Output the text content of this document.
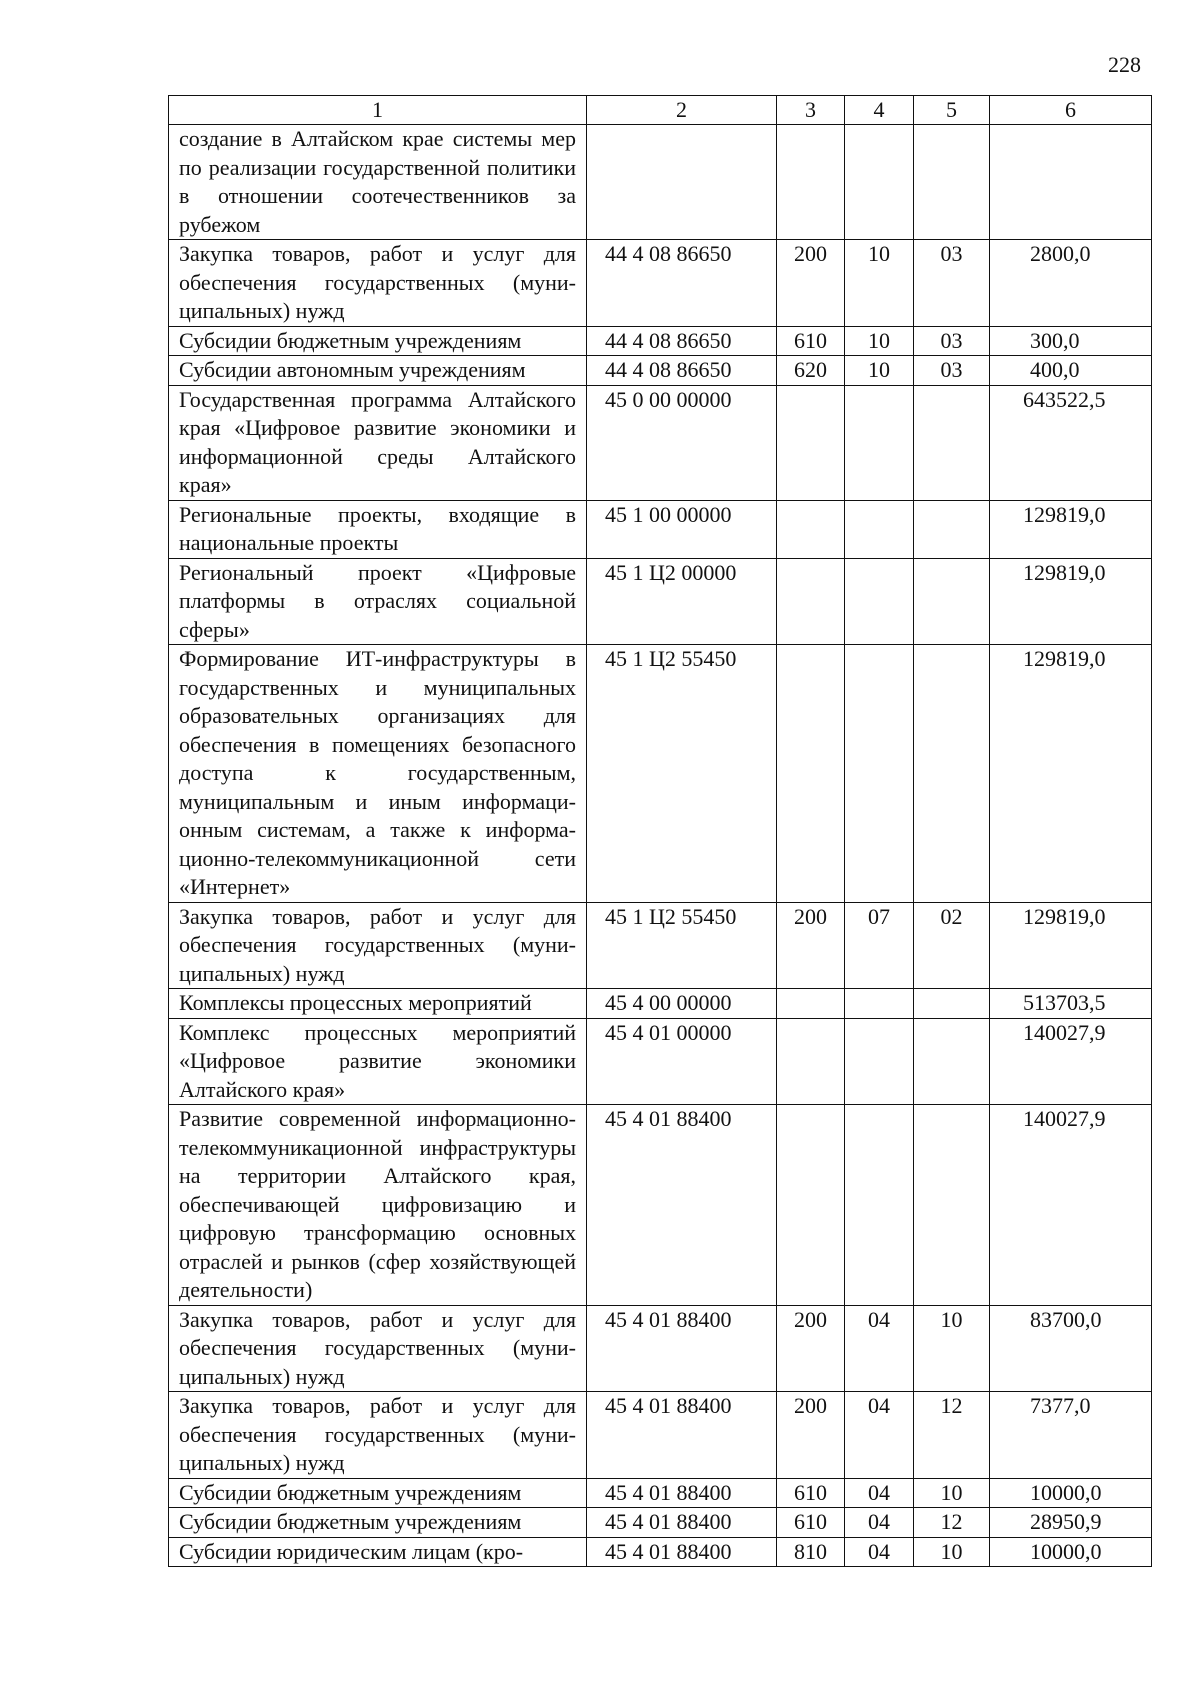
228
1	2	3	4	5	6
создание в Алтайском крае системы мер по реализации государственной политики в отношении соотечественников за рубежом					
Закупка товаров, работ и услуг для обеспечения государственных (муниципальных) нужд	44 4 08 86650	200	10	03	2800,0
Субсидии бюджетным учреждениям	44 4 08 86650	610	10	03	300,0
Субсидии автономным учреждениям	44 4 08 86650	620	10	03	400,0
Государственная программа Алтайского края «Цифровое развитие экономики и информационной среды Алтайского края»	45 0 00 00000				643522,5
Региональные проекты, входящие в национальные проекты	45 1 00 00000				129819,0
Региональный проект «Цифровые платформы в отраслях социальной сферы»	45 1 Ц2 00000				129819,0
Формирование ИТ-инфраструктуры в государственных и муниципальных образовательных организациях для обеспечения в помещениях безопасного доступа к государственным, муниципальным и иным информационным системам, а также к информационно-телекоммуникационной сети «Интернет»	45 1 Ц2 55450				129819,0
Закупка товаров, работ и услуг для обеспечения государственных (муниципальных) нужд	45 1 Ц2 55450	200	07	02	129819,0
Комплексы процессных мероприятий	45 4 00 00000				513703,5
Комплекс процессных мероприятий «Цифровое развитие экономики Алтайского края»	45 4 01 00000				140027,9
Развитие современной информационно-телекоммуникационной инфраструктуры на территории Алтайского края, обеспечивающей цифровизацию и цифровую трансформацию основных отраслей и рынков (сфер хозяйствующей деятельности)	45 4 01 88400				140027,9
Закупка товаров, работ и услуг для обеспечения государственных (муниципальных) нужд	45 4 01 88400	200	04	10	83700,0
Закупка товаров, работ и услуг для обеспечения государственных (муниципальных) нужд	45 4 01 88400	200	04	12	7377,0
Субсидии бюджетным учреждениям	45 4 01 88400	610	04	10	10000,0
Субсидии бюджетным учреждениям	45 4 01 88400	610	04	12	28950,9
Субсидии юридическим лицам (кро-	45 4 01 88400	810	04	10	10000,0
